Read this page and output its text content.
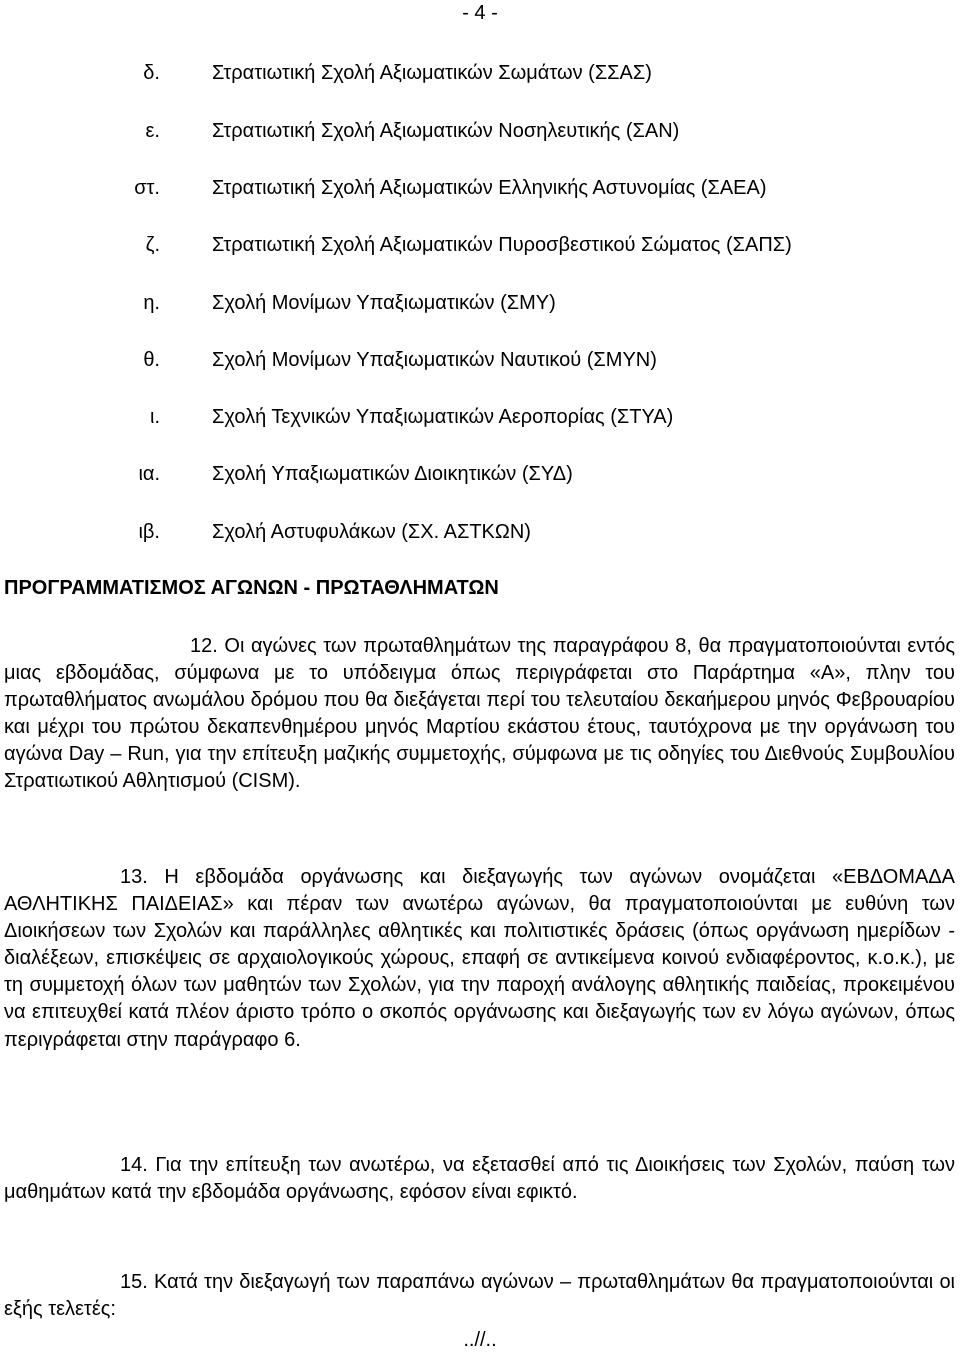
- 4 -
δ.	Στρατιωτική Σχολή Αξιωματικών Σωμάτων (ΣΣΑΣ)
ε.	Στρατιωτική Σχολή Αξιωματικών Νοσηλευτικής (ΣΑΝ)
στ.	Στρατιωτική Σχολή Αξιωματικών Ελληνικής Αστυνομίας (ΣΑΕΑ)
ζ.	Στρατιωτική Σχολή Αξιωματικών Πυροσβεστικού Σώματος (ΣΑΠΣ)
η.	Σχολή Μονίμων Υπαξιωματικών (ΣΜΥ)
θ.	Σχολή Μονίμων Υπαξιωματικών Ναυτικού (ΣΜΥΝ)
ι.	Σχολή Τεχνικών Υπαξιωματικών Αεροπορίας (ΣΤΥΑ)
ια.	Σχολή Υπαξιωματικών Διοικητικών (ΣΥΔ)
ιβ.	Σχολή Αστυφυλάκων (ΣΧ. ΑΣΤΚΩΝ)
ΠΡΟΓΡΑΜΜΑΤΙΣΜΟΣ ΑΓΩΝΩΝ - ΠΡΩΤΑΘΛΗΜΑΤΩΝ

12. Οι αγώνες των πρωταθλημάτων της παραγράφου 8, θα πραγματοποιούνται εντός μιας εβδομάδας, σύμφωνα με το υπόδειγμα όπως περιγράφεται στο Παράρτημα «Α», πλην του πρωταθλήματος ανωμάλου δρόμου που θα διεξάγεται περί του τελευταίου δεκαήμερου μηνός Φεβρουαρίου και μέχρι του πρώτου δεκαπενθημέρου μηνός Μαρτίου εκάστου έτους, ταυτόχρονα με την οργάνωση του αγώνα Day – Run, για την επίτευξη μαζικής συμμετοχής, σύμφωνα με τις οδηγίες του Διεθνούς Συμβουλίου Στρατιωτικού Αθλητισμού (CISM).

13. Η εβδομάδα οργάνωσης και διεξαγωγής των αγώνων ονομάζεται «ΕΒΔΟΜΑΔΑ ΑΘΛΗΤΙΚΗΣ ΠΑΙΔΕΙΑΣ» και πέραν των ανωτέρω αγώνων, θα πραγματοποιούνται με ευθύνη των Διοικήσεων των Σχολών και παράλληλες αθλητικές και πολιτιστικές δράσεις (όπως οργάνωση ημερίδων - διαλέξεων, επισκέψεις σε αρχαιολογικούς χώρους, επαφή σε αντικείμενα κοινού ενδιαφέροντος, κ.ο.κ.), με τη συμμετοχή όλων των μαθητών των Σχολών, για την παροχή ανάλογης αθλητικής παιδείας, προκειμένου να επιτευχθεί κατά πλέον άριστο τρόπο ο σκοπός οργάνωσης και διεξαγωγής των εν λόγω αγώνων, όπως περιγράφεται στην παράγραφο 6.

14. Για την επίτευξη των ανωτέρω, να εξετασθεί από τις Διοικήσεις των Σχολών, παύση των μαθημάτων κατά την εβδομάδα οργάνωσης, εφόσον είναι εφικτό.

15. Κατά την διεξαγωγή των παραπάνω αγώνων – πρωταθλημάτων θα πραγματοποιούνται οι εξής τελετές:

..//..
